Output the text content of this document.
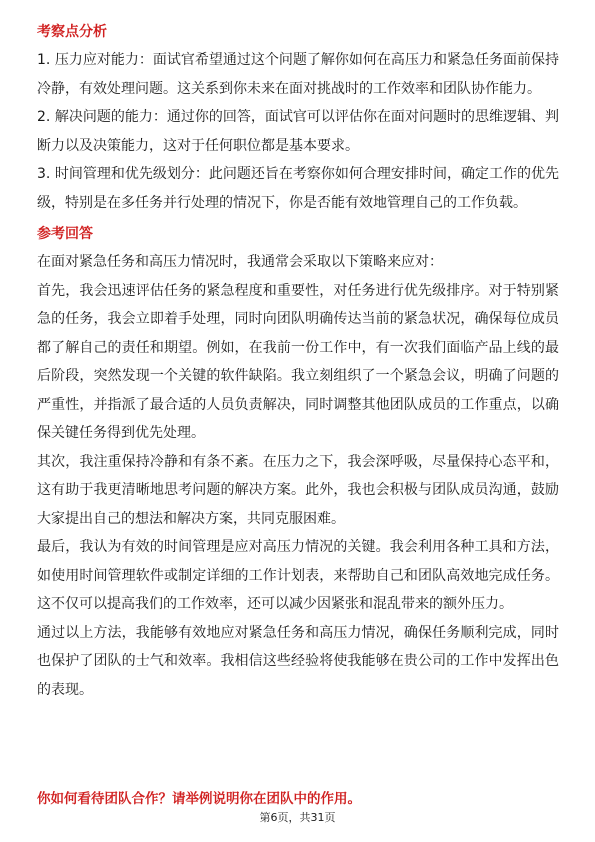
考察点分析

1. 压力应对能力：面试官希望通过这个问题了解你如何在高压力和紧急任务面前保持冷静，有效处理问题。这关系到你未来在面对挑战时的工作效率和团队协作能力。

2. 解决问题的能力：通过你的回答，面试官可以评估你在面对问题时的思维逻辑、判断力以及决策能力，这对于任何职位都是基本要求。

3. 时间管理和优先级划分：此问题还旨在考察你如何合理安排时间，确定工作的优先级，特别是在多任务并行处理的情况下，你是否能有效地管理自己的工作负载。

参考回答

在面对紧急任务和高压力情况时，我通常会采取以下策略来应对：

首先，我会迅速评估任务的紧急程度和重要性，对任务进行优先级排序。对于特别紧急的任务，我会立即着手处理，同时向团队明确传达当前的紧急状况，确保每位成员都了解自己的责任和期望。例如，在我前一份工作中，有一次我们面临产品上线的最后阶段，突然发现一个关键的软件缺陷。我立刻组织了一个紧急会议，明确了问题的严重性，并指派了最合适的人员负责解决，同时调整其他团队成员的工作重点，以确保关键任务得到优先处理。

其次，我注重保持冷静和有条不紊。在压力之下，我会深呼吸，尽量保持心态平和，这有助于我更清晰地思考问题的解决方案。此外，我也会积极与团队成员沟通，鼓励大家提出自己的想法和解决方案，共同克服困难。

最后，我认为有效的时间管理是应对高压力情况的关键。我会利用各种工具和方法，如使用时间管理软件或制定详细的工作计划表，来帮助自己和团队高效地完成任务。这不仅可以提高我们的工作效率，还可以减少因紧张和混乱带来的额外压力。

通过以上方法，我能够有效地应对紧急任务和高压力情况，确保任务顺利完成，同时也保护了团队的士气和效率。我相信这些经验将使我能够在贵公司的工作中发挥出色的表现。

你如何看待团队合作？请举例说明你在团队中的作用。
第6页，共31页
